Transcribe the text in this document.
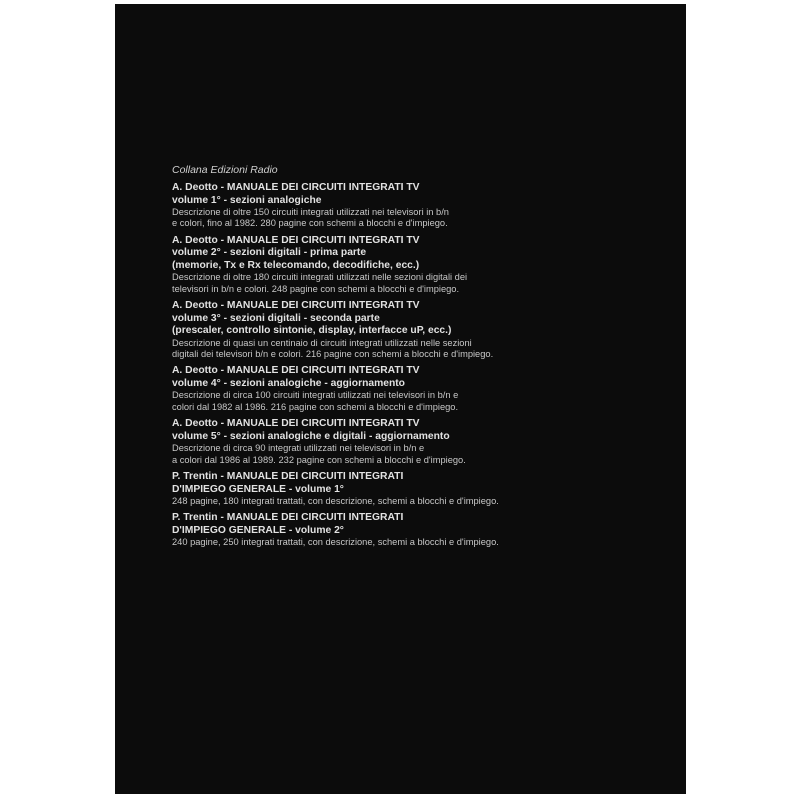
Collana Edizioni Radio
A. Deotto - MANUALE DEI CIRCUITI INTEGRATI TV
volume 1° - sezioni analogiche
Descrizione di oltre 150 circuiti integrati utilizzati nei televisori in b/n
e colori, fino al 1982. 280 pagine con schemi a blocchi e d'impiego.
A. Deotto - MANUALE DEI CIRCUITI INTEGRATI TV
volume 2° - sezioni digitali - prima parte
(memorie, Tx e Rx telecomando, decodifiche, ecc.)
Descrizione di oltre 180 circuiti integrati utilizzati nelle sezioni digitali dei
televisori in b/n e colori. 248 pagine con schemi a blocchi e d'impiego.
A. Deotto - MANUALE DEI CIRCUITI INTEGRATI TV
volume 3° - sezioni digitali - seconda parte
(prescaler, controllo sintonie, display, interfacce uP, ecc.)
Descrizione di quasi un centinaio di circuiti integrati utilizzati nelle sezioni
digitali dei televisori b/n e colori. 216 pagine con schemi a blocchi e d'impiego.
A. Deotto - MANUALE DEI CIRCUITI INTEGRATI TV
volume 4° - sezioni analogiche - aggiornamento
Descrizione di circa 100 circuiti integrati utilizzati nei televisori in b/n e
colori dal 1982 al 1986. 216 pagine con schemi a blocchi e d'impiego.
A. Deotto - MANUALE DEI CIRCUITI INTEGRATI TV
volume 5° - sezioni analogiche e digitali - aggiornamento
Descrizione di circa 90 integrati utilizzati nei televisori in b/n e
a colori dal 1986 al 1989. 232 pagine con schemi a blocchi e d'impiego.
P. Trentin - MANUALE DEI CIRCUITI INTEGRATI
D'IMPIEGO GENERALE - volume 1°
248 pagine, 180 integrati trattati, con descrizione, schemi a blocchi e d'impiego.
P. Trentin - MANUALE DEI CIRCUITI INTEGRATI
D'IMPIEGO GENERALE - volume 2°
240 pagine, 250 integrati trattati, con descrizione, schemi a blocchi e d'impiego.
